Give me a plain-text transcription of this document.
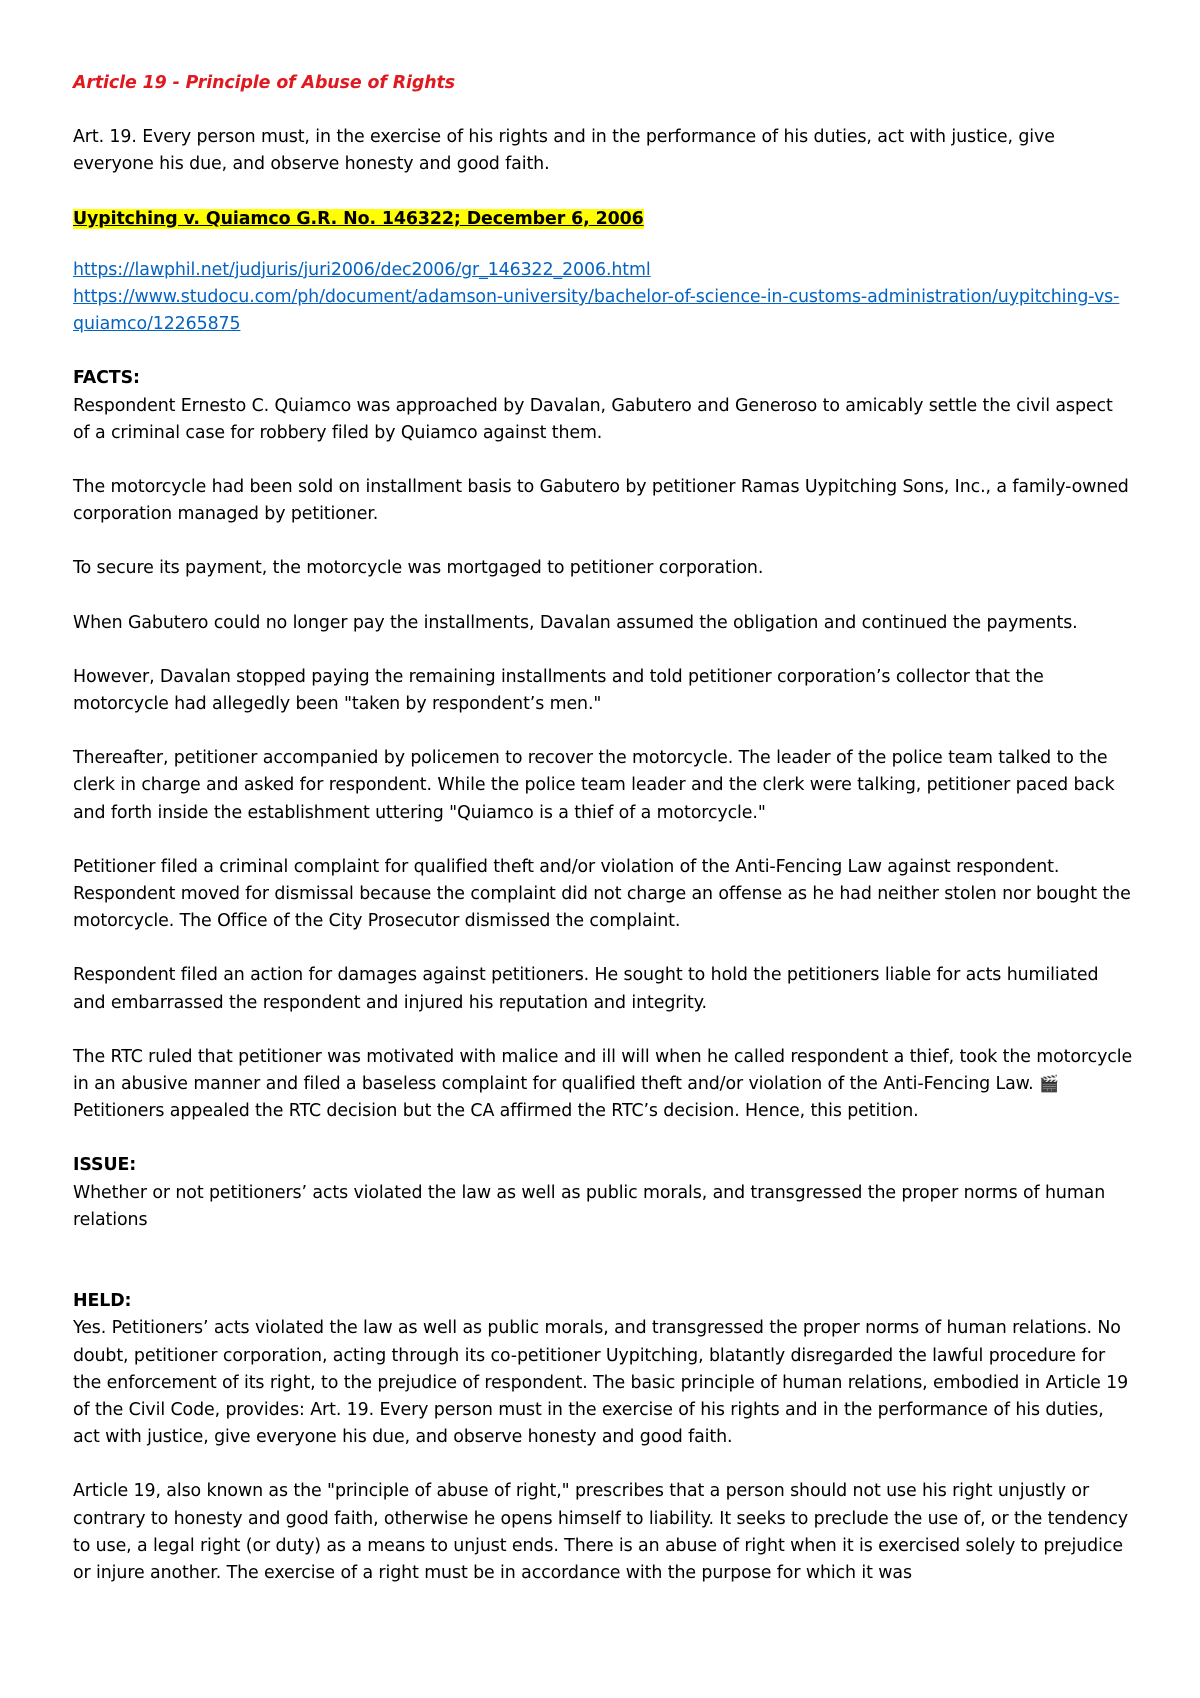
Article 19 - Principle of Abuse of Rights

Art. 19. Every person must, in the exercise of his rights and in the performance of his duties, act with justice, give everyone his due, and observe honesty and good faith.

Uypitching v. Quiamco G.R. No. 146322; December 6, 2006

https://lawphil.net/judjuris/juri2006/dec2006/gr_146322_2006.html
https://www.studocu.com/ph/document/adamson-university/bachelor-of-science-in-customs-administration/uypitching-vs-quiamco/12265875

FACTS:
Respondent Ernesto C. Quiamco was approached by Davalan, Gabutero and Generoso to amicably settle the civil aspect of a criminal case for robbery filed by Quiamco against them.

The motorcycle had been sold on installment basis to Gabutero by petitioner Ramas Uypitching Sons, Inc., a family-owned corporation managed by petitioner.

To secure its payment, the motorcycle was mortgaged to petitioner corporation.

When Gabutero could no longer pay the installments, Davalan assumed the obligation and continued the payments.

However, Davalan stopped paying the remaining installments and told petitioner corporation’s collector that the motorcycle had allegedly been "taken by respondent’s men."

Thereafter, petitioner accompanied by policemen to recover the motorcycle. The leader of the police team talked to the clerk in charge and asked for respondent. While the police team leader and the clerk were talking, petitioner paced back and forth inside the establishment uttering "Quiamco is a thief of a motorcycle."

Petitioner filed a criminal complaint for qualified theft and/or violation of the Anti-Fencing Law against respondent. Respondent moved for dismissal because the complaint did not charge an offense as he had neither stolen nor bought the motorcycle. The Office of the City Prosecutor dismissed the complaint.

Respondent filed an action for damages against petitioners. He sought to hold the petitioners liable for acts humiliated and embarrassed the respondent and injured his reputation and integrity.

The RTC ruled that petitioner was motivated with malice and ill will when he called respondent a thief, took the motorcycle in an abusive manner and filed a baseless complaint for qualified theft and/or violation of the Anti-Fencing Law. 🎬Petitioners appealed the RTC decision but the CA affirmed the RTC’s decision. Hence, this petition.

ISSUE:
Whether or not petitioners’ acts violated the law as well as public morals, and transgressed the proper norms of human relations

HELD:
Yes. Petitioners’ acts violated the law as well as public morals, and transgressed the proper norms of human relations. No doubt, petitioner corporation, acting through its co-petitioner Uypitching, blatantly disregarded the lawful procedure for the enforcement of its right, to the prejudice of respondent. The basic principle of human relations, embodied in Article 19 of the Civil Code, provides: Art. 19. Every person must in the exercise of his rights and in the performance of his duties, act with justice, give everyone his due, and observe honesty and good faith.

Article 19, also known as the "principle of abuse of right," prescribes that a person should not use his right unjustly or contrary to honesty and good faith, otherwise he opens himself to liability. It seeks to preclude the use of, or the tendency to use, a legal right (or duty) as a means to unjust ends. There is an abuse of right when it is exercised solely to prejudice or injure another. The exercise of a right must be in accordance with the purpose for which it was
